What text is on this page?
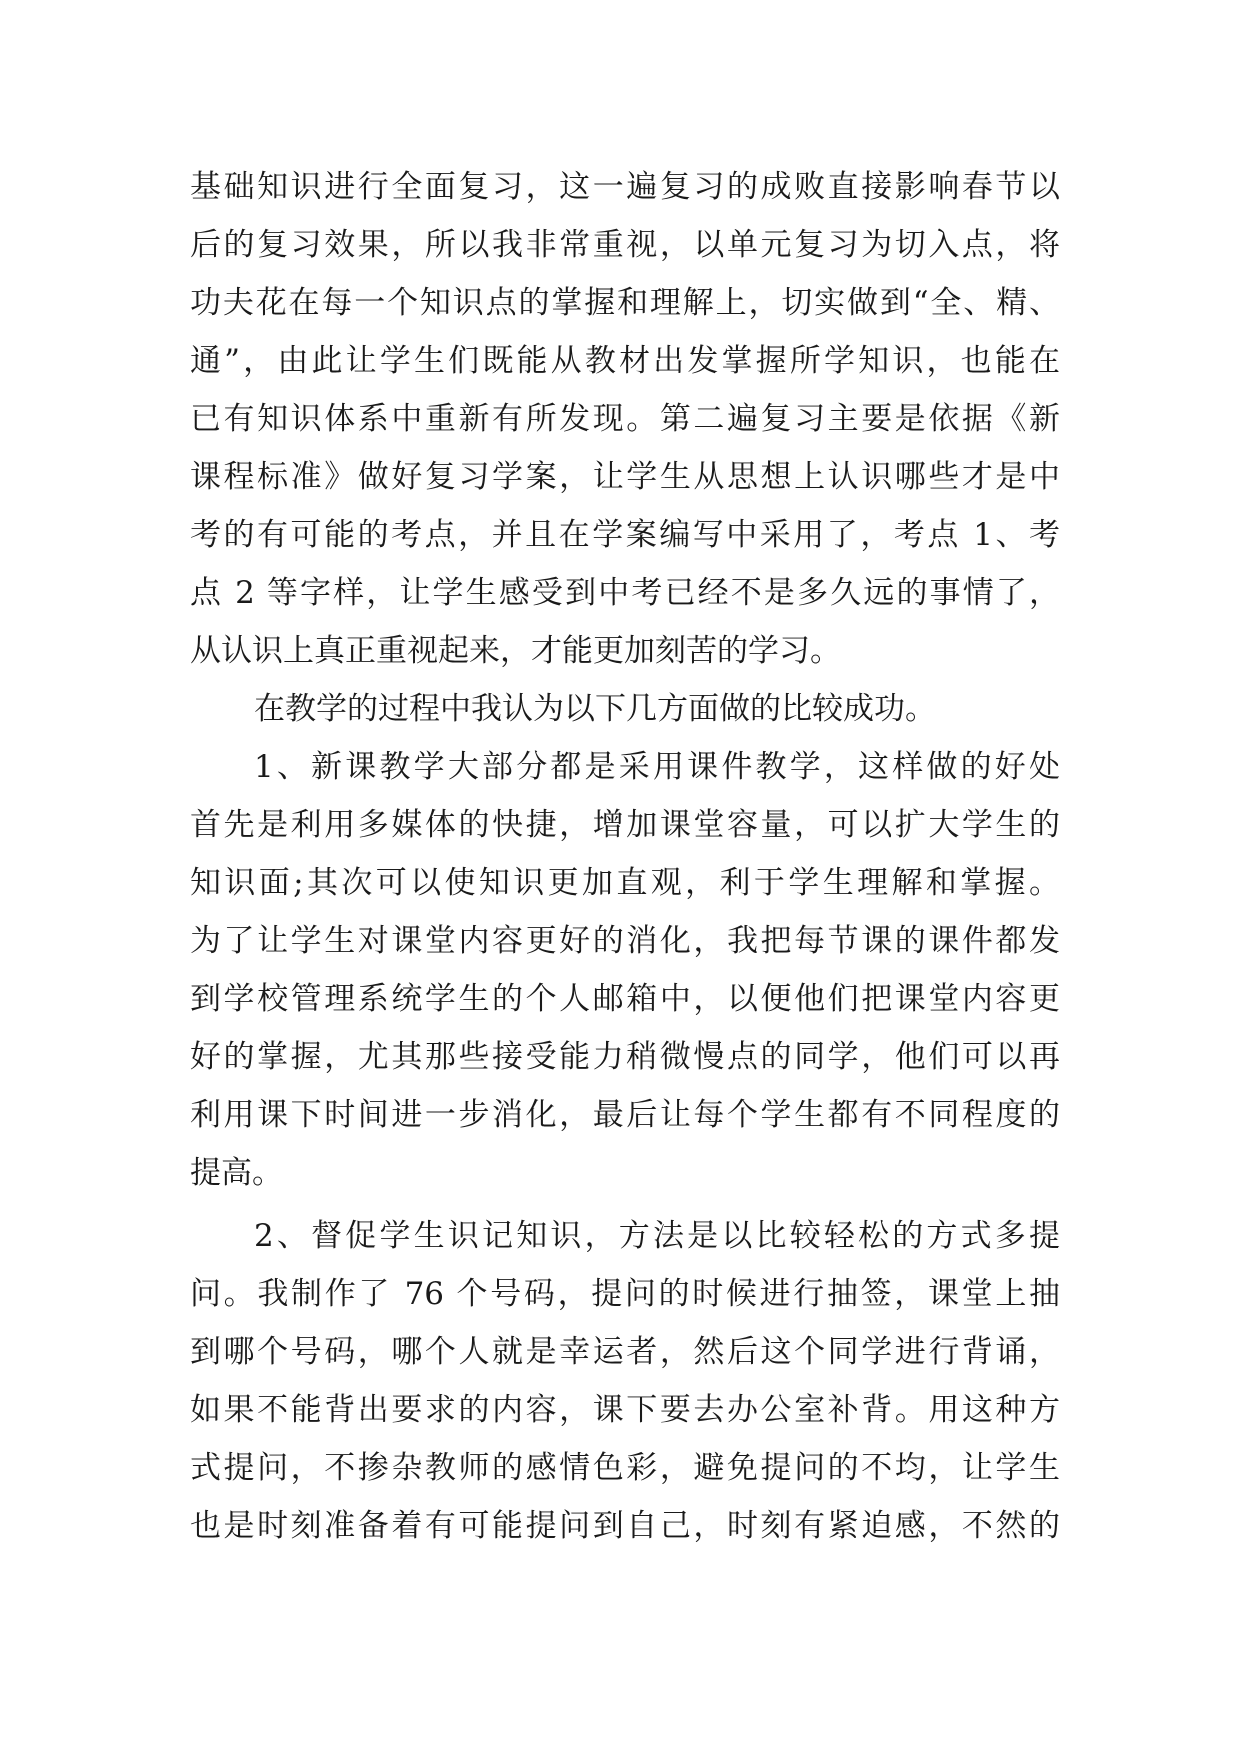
基础知识进行全面复习，这一遍复习的成败直接影响春节以
后的复习效果，所以我非常重视，以单元复习为切入点，将
功夫花在每一个知识点的掌握和理解上，切实做到“全、精、
通”，由此让学生们既能从教材出发掌握所学知识，也能在
已有知识体系中重新有所发现。第二遍复习主要是依据《新
课程标准》做好复习学案，让学生从思想上认识哪些才是中
考的有可能的考点，并且在学案编写中采用了，考点 1、考
点 2 等字样，让学生感受到中考已经不是多久远的事情了，
从认识上真正重视起来，才能更加刻苦的学习。
在教学的过程中我认为以下几方面做的比较成功。
1、新课教学大部分都是采用课件教学，这样做的好处
首先是利用多媒体的快捷，增加课堂容量，可以扩大学生的
知识面;其次可以使知识更加直观，利于学生理解和掌握。
为了让学生对课堂内容更好的消化，我把每节课的课件都发
到学校管理系统学生的个人邮箱中，以便他们把课堂内容更
好的掌握，尤其那些接受能力稍微慢点的同学，他们可以再
利用课下时间进一步消化，最后让每个学生都有不同程度的
提高。
2、督促学生识记知识，方法是以比较轻松的方式多提
问。我制作了 76 个号码，提问的时候进行抽签，课堂上抽
到哪个号码，哪个人就是幸运者，然后这个同学进行背诵，
如果不能背出要求的内容，课下要去办公室补背。用这种方
式提问，不掺杂教师的感情色彩，避免提问的不均，让学生
也是时刻准备着有可能提问到自己，时刻有紧迫感，不然的
